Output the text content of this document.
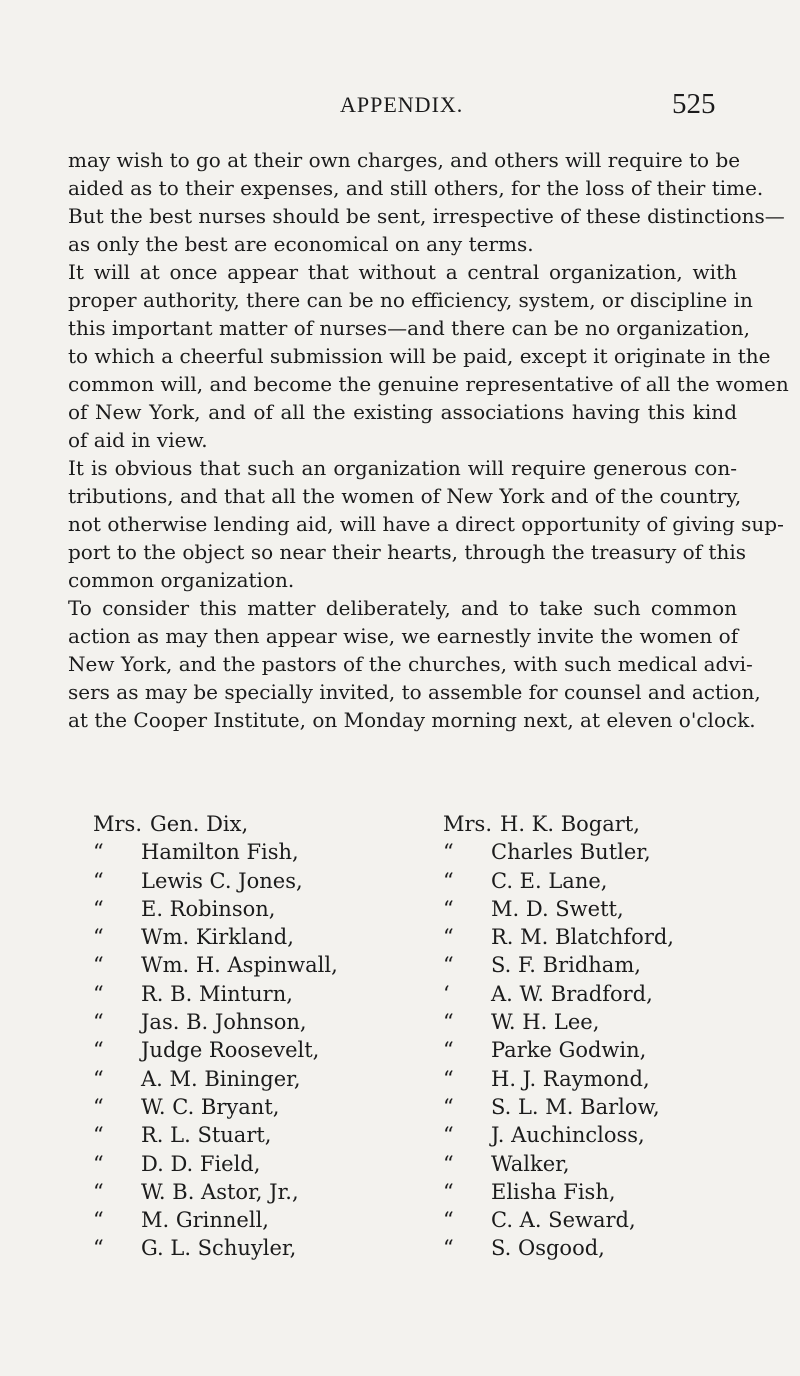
APPENDIX.	525
may wish to go at their own charges, and others will require to be
aided as to their expenses, and still others, for the loss of their time.
But the best nurses should be sent, irrespective of these distinctions—
as only the best are economical on any terms.
It will at once appear that without a central organization, with
proper authority, there can be no efficiency, system, or discipline in
this important matter of nurses—and there can be no organization,
to which a cheerful submission will be paid, except it originate in the
common will, and become the genuine representative of all the women
of New York, and of all the existing associations having this kind
of aid in view.
It is obvious that such an organization will require generous con-
tributions, and that all the women of New York and of the country,
not otherwise lending aid, will have a direct opportunity of giving sup-
port to the object so near their hearts, through the treasury of this
common organization.
To consider this matter deliberately, and to take such common
action as may then appear wise, we earnestly invite the women of
New York, and the pastors of the churches, with such medical advi-
sers as may be specially invited, to assemble for counsel and action,
at the Cooper Institute, on Monday morning next, at eleven o'clock.
Mrs. Gen. Dix,
“ Hamilton Fish,
“ Lewis C. Jones,
“ E. Robinson,
“ Wm. Kirkland,
“ Wm. H. Aspinwall,
“ R. B. Minturn,
“ Jas. B. Johnson,
“ Judge Roosevelt,
“ A. M. Bininger,
“ W. C. Bryant,
“ R. L. Stuart,
“ D. D. Field,
“ W. B. Astor, Jr.,
“ M. Grinnell,
“ G. L. Schuyler,
Mrs. H. K. Bogart,
“ Charles Butler,
“ C. E. Lane,
“ M. D. Swett,
“ R. M. Blatchford,
“ S. F. Bridham,
‘ A. W. Bradford,
“ W. H. Lee,
“ Parke Godwin,
“ H. J. Raymond,
“ S. L. M. Barlow,
“ J. Auchincloss,
“ Walker,
“ Elisha Fish,
“ C. A. Seward,
“ S. Osgood,
